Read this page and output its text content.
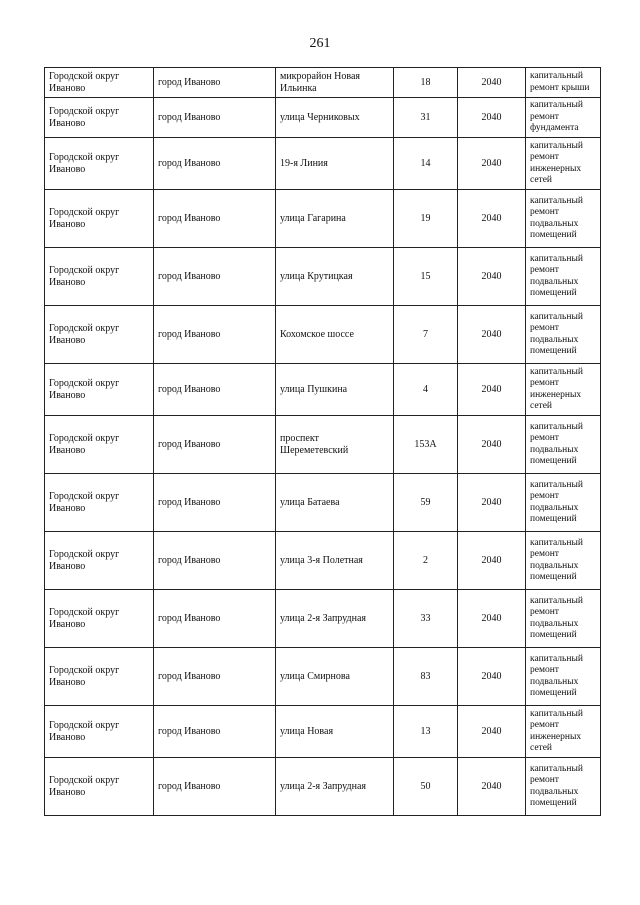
261
Городской округ Иваново	город Иваново	микрорайон Новая Ильинка	18	2040	капитальный ремонт крыши
Городской округ Иваново	город Иваново	улица Черниковых	31	2040	капитальный ремонт фундамента
Городской округ Иваново	город Иваново	19-я Линия	14	2040	капитальный ремонт инженерных сетей
Городской округ Иваново	город Иваново	улица Гагарина	19	2040	капитальный ремонт подвальных помещений
Городской округ Иваново	город Иваново	улица Крутицкая	15	2040	капитальный ремонт подвальных помещений
Городской округ Иваново	город Иваново	Кохомское шоссе	7	2040	капитальный ремонт подвальных помещений
Городской округ Иваново	город Иваново	улица Пушкина	4	2040	капитальный ремонт инженерных сетей
Городской округ Иваново	город Иваново	проспект Шереметевский	153А	2040	капитальный ремонт подвальных помещений
Городской округ Иваново	город Иваново	улица Батаева	59	2040	капитальный ремонт подвальных помещений
Городской округ Иваново	город Иваново	улица 3-я Полетная	2	2040	капитальный ремонт подвальных помещений
Городской округ Иваново	город Иваново	улица 2-я Запрудная	33	2040	капитальный ремонт подвальных помещений
Городской округ Иваново	город Иваново	улица Смирнова	83	2040	капитальный ремонт подвальных помещений
Городской округ Иваново	город Иваново	улица Новая	13	2040	капитальный ремонт инженерных сетей
Городской округ Иваново	город Иваново	улица 2-я Запрудная	50	2040	капитальный ремонт подвальных помещений
